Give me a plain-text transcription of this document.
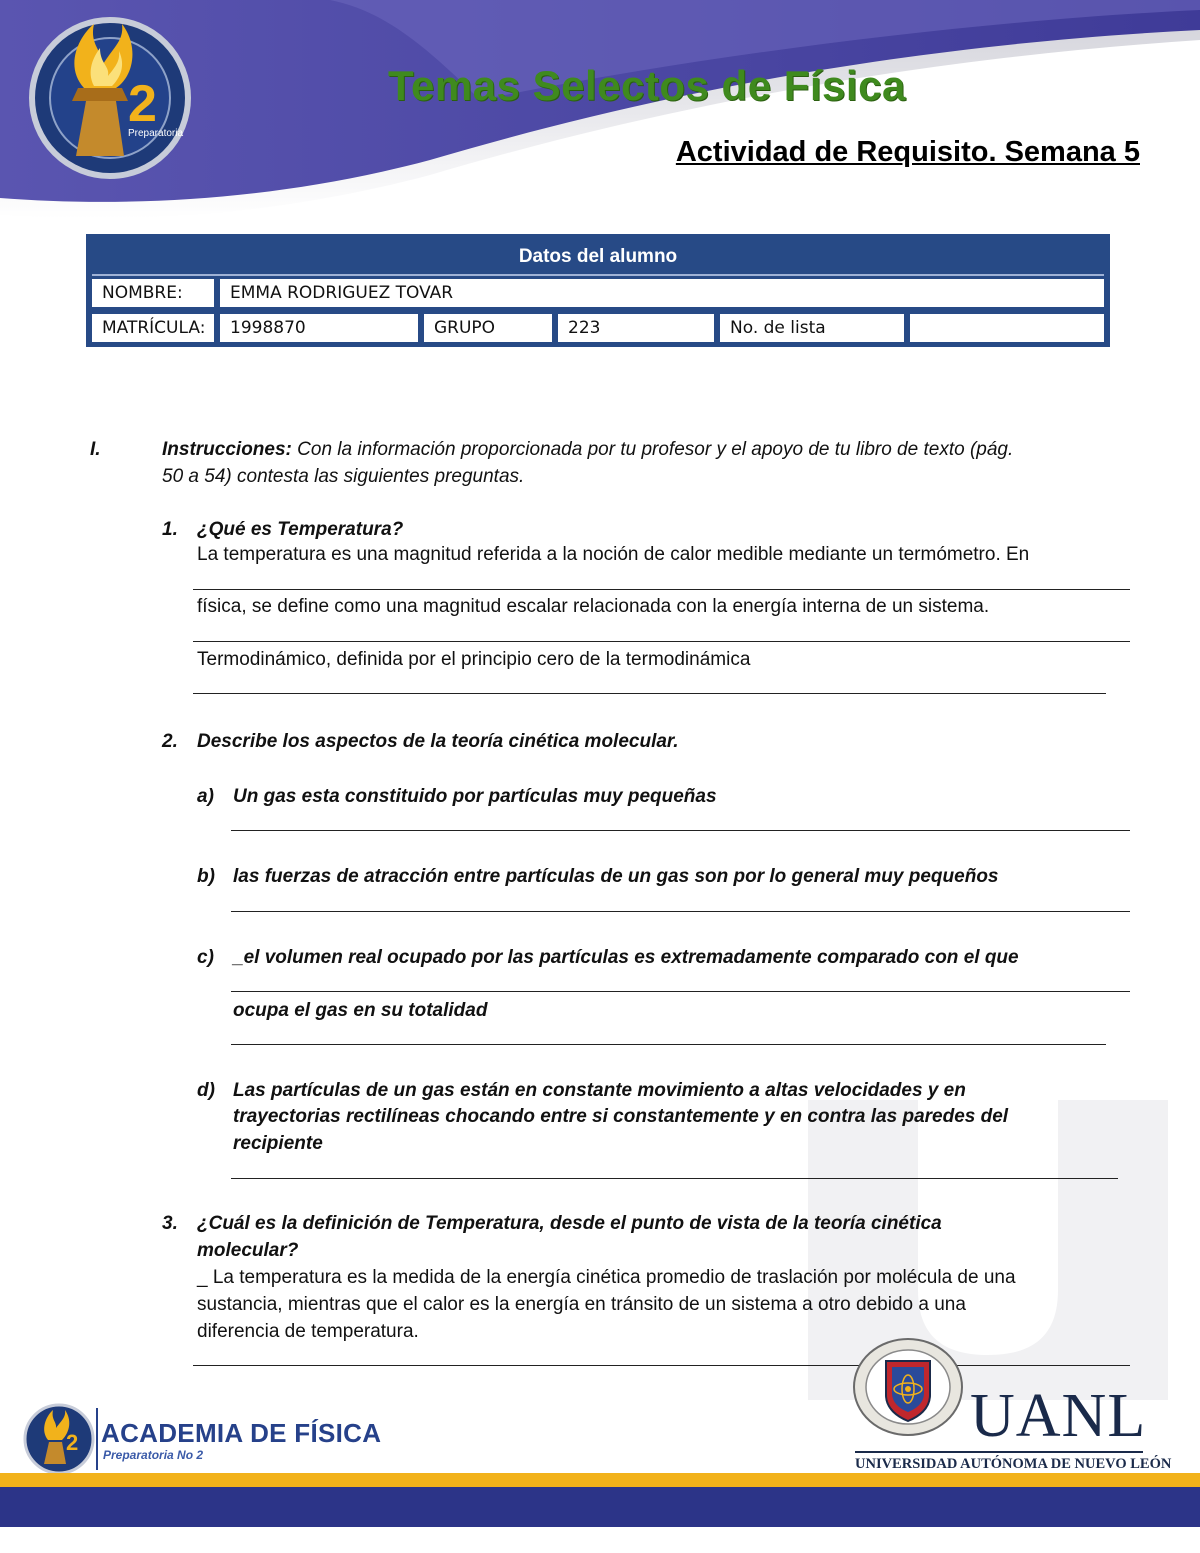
2
Preparatoria
Temas Selectos de Física
Actividad de Requisito. Semana 5
Datos del alumno
NOMBRE:	EMMA RODRIGUEZ TOVAR
MATRÍCULA:	1998870	GRUPO	223	No. de lista
I.	Instrucciones: Con la información proporcionada por tu profesor y el apoyo de tu libro de texto (pág.
50 a 54) contesta las siguientes preguntas.
1. ¿Qué es Temperatura?
La temperatura es una magnitud referida a la noción de calor medible mediante un termómetro. En
física, se define como una magnitud escalar relacionada con la energía interna de un sistema.
Termodinámico, definida por el principio cero de la termodinámica
2. Describe los aspectos de la teoría cinética molecular.
a) Un gas esta constituido por partículas muy pequeñas
b) las fuerzas de atracción entre partículas de un gas son por lo general muy pequeños
c) _el volumen real ocupado por las partículas es extremadamente comparado con el que
ocupa el gas en su totalidad
d) Las partículas de un gas están en constante movimiento a altas velocidades y en
trayectorias rectilíneas chocando entre si constantemente y en contra las paredes del
recipiente
3. ¿Cuál es la definición de Temperatura, desde el punto de vista de la teoría cinética
molecular?
_ La temperatura es la medida de la energía cinética promedio de traslación por molécula de una
sustancia, mientras que el calor es la energía en tránsito de un sistema a otro debido a una
diferencia de temperatura.
2 ACADEMIA DE FÍSICA
Preparatoria No 2
UANL
UNIVERSIDAD AUTÓNOMA DE NUEVO LEÓN
